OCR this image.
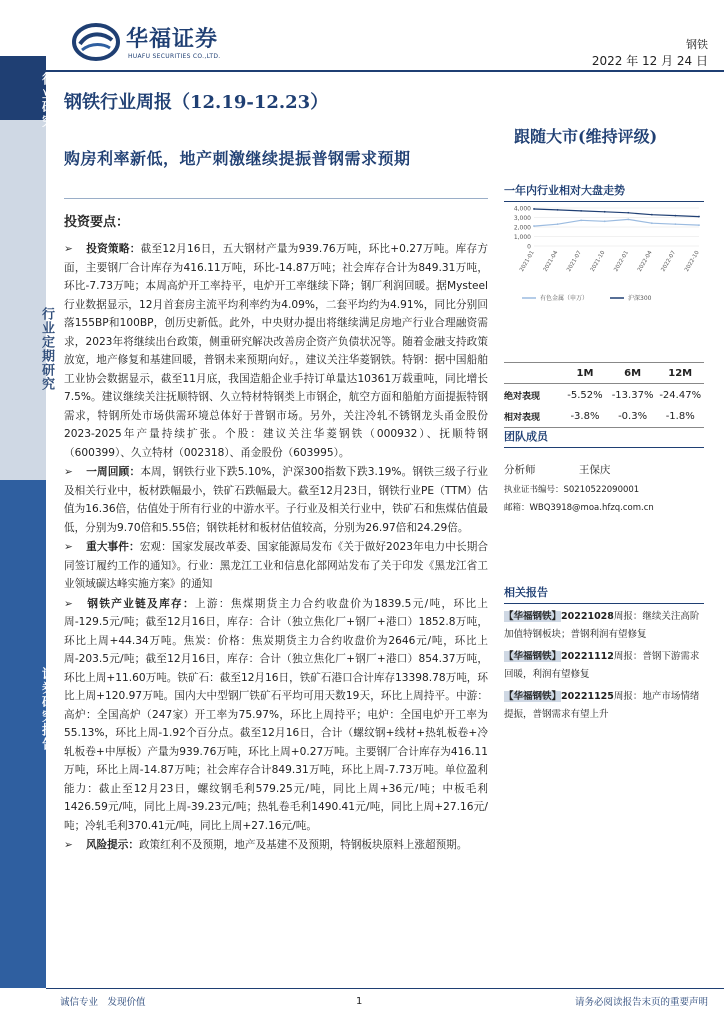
行业研究
行业定期研究
证券研究报告
华福证券
HUAFU SECURITIES CO.,LTD.
钢铁
2022 年 12 月 24 日
钢铁行业周报（12.19-12.23）
跟随大市(维持评级)
购房利率新低，地产刺激继续提振普钢需求预期
投资要点：
➢ 投资策略：截至12月16日，五大钢材产量为939.76万吨，环比+0.27万吨。库存方面，主要钢厂合计库存为416.11万吨，环比-14.87万吨；社会库存合计为849.31万吨，环比-7.73万吨；本周高炉开工率持平，电炉开工率继续下降；钢厂利润回暖。据Mysteel行业数据显示，12月首套房主流平均利率约为4.09%，二套平均约为4.91%，同比分别回落155BP和100BP，创历史新低。此外，中央财办提出将继续满足房地产行业合理融资需求，2023年将继续出台政策，侧重研究解决改善房企资产负债状况等。随着金融支持政策放宽，地产修复和基建回暖，普钢未来预期向好。，建议关注华菱钢铁。特钢：据中国船舶工业协会数据显示，截至11月底，我国造船企业手持订单量达10361万载重吨，同比增长7.5%。建议继续关注抚顺特钢、久立特材特钢类上市钢企，航空方面和船舶方面提振特钢需求，特钢所处市场供需环境总体好于普钢市场。另外，关注冷轧不锈钢龙头甬金股份2023-2025年产量持续扩张。个股：建议关注华菱钢铁（000932）、抚顺特钢（600399）、久立特材（002318）、甬金股份（603995）。
➢ 一周回顾：本周，钢铁行业下跌5.10%，沪深300指数下跌3.19%。钢铁三级子行业及相关行业中，板材跌幅最小，铁矿石跌幅最大。截至12月23日，钢铁行业PE（TTM）估值为16.36倍，估值处于所有行业的中游水平。子行业及相关行业中，铁矿石和焦煤估值最低，分别为9.70倍和5.55倍；钢铁耗材和板材估值较高，分别为26.97倍和24.29倍。
➢ 重大事件：宏观：国家发展改革委、国家能源局发布《关于做好2023年电力中长期合同签订履约工作的通知》。行业：黑龙江工业和信息化部网站发布了关于印发《黑龙江省工业领域碳达峰实施方案》的通知
➢ 钢铁产业链及库存：上游：焦煤期货主力合约收盘价为1839.5元/吨，环比上周-129.5元/吨；截至12月16日，库存：合计（独立焦化厂+钢厂+港口）1852.8万吨，环比上周+44.34万吨。焦炭：价格：焦炭期货主力合约收盘价为2646元/吨，环比上周-203.5元/吨；截至12月16日，库存：合计（独立焦化厂+钢厂+港口）854.37万吨，环比上周+11.60万吨。铁矿石：截至12月16日，铁矿石港口合计库存13398.78万吨，环比上周+120.97万吨。国内大中型钢厂铁矿石平均可用天数19天，环比上周持平。中游：高炉：全国高炉（247家）开工率为75.97%，环比上周持平；电炉：全国电炉开工率为55.13%，环比上周-1.92个百分点。截至12月16日，合计（螺纹钢+线材+热轧板卷+冷轧板卷+中厚板）产量为939.76万吨，环比上周+0.27万吨。主要钢厂合计库存为416.11万吨，环比上周-14.87万吨；社会库存合计849.31万吨，环比上周-7.73万吨。单位盈利能力：截止至12月23日，螺纹钢毛利579.25元/吨，同比上周+36元/吨；中板毛利1426.59元/吨，同比上周-39.23元/吨；热轧卷毛利1490.41元/吨，同比上周+27.16元/吨；冷轧毛利370.41元/吨，同比上周+27.16元/吨。
➢ 风险提示：政策红利不及预期，地产及基建不及预期，特钢板块原料上涨超预期。
一年内行业相对大盘走势
4,000
3,000
2,000
1,000
0
2021-01 2021-04 2021-07 2021-10 2022-01 2022-04 2022-07 2022-10
有色金属（申万）	沪深300
1M	6M	12M
绝对表现	-5.52% -13.37% -24.47%
相对表现	-3.8%	-0.3%	-1.8%
团队成员
分析师	王保庆
执业证书编号：S0210522090001
邮箱：WBQ3918@moa.hfzq.com.cn
相关报告
【华福钢铁】20221028周报：继续关注高阶加值特钢板块；普钢利润有望修复
【华福钢铁】20221112周报：普钢下游需求回暖，利润有望修复
【华福钢铁】20221125周报：地产市场情绪提振，普钢需求有望上升
诚信专业　发现价值	1	请务必阅读报告末页的重要声明
